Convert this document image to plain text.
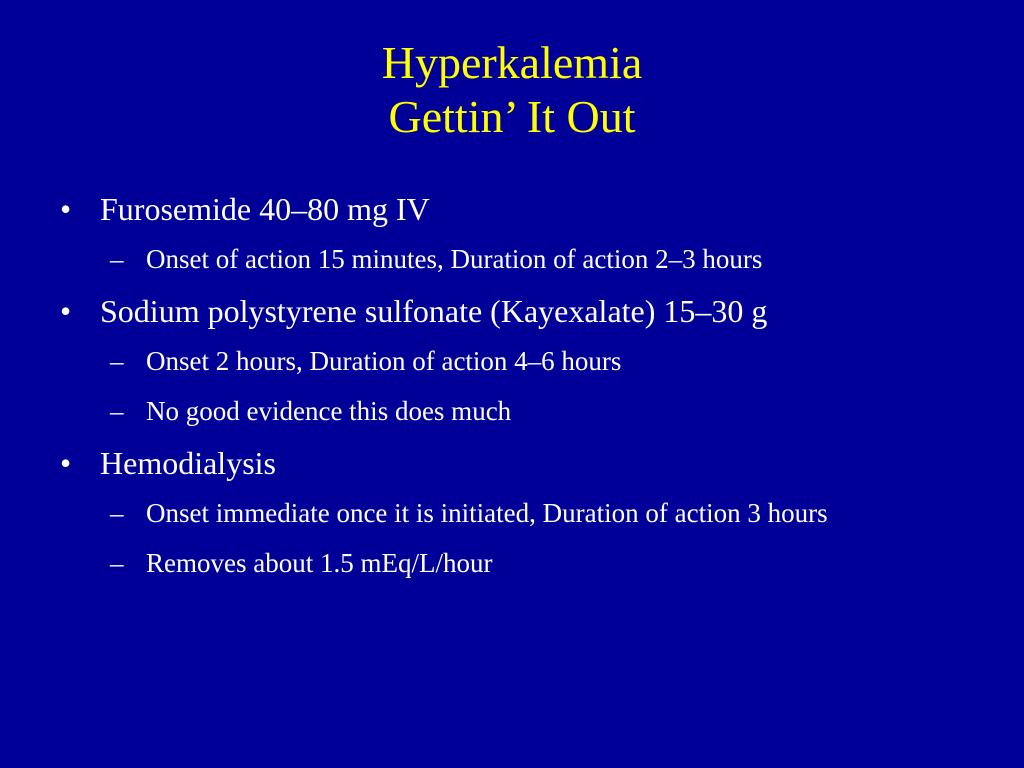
Hyperkalemia
Gettin’ It Out
• Furosemide 40–80 mg IV
– Onset of action 15 minutes, Duration of action 2–3 hours
• Sodium polystyrene sulfonate (Kayexalate) 15–30 g
– Onset 2 hours, Duration of action 4–6 hours
– No good evidence this does much
• Hemodialysis
– Onset immediate once it is initiated, Duration of action 3 hours
– Removes about 1.5 mEq/L/hour
